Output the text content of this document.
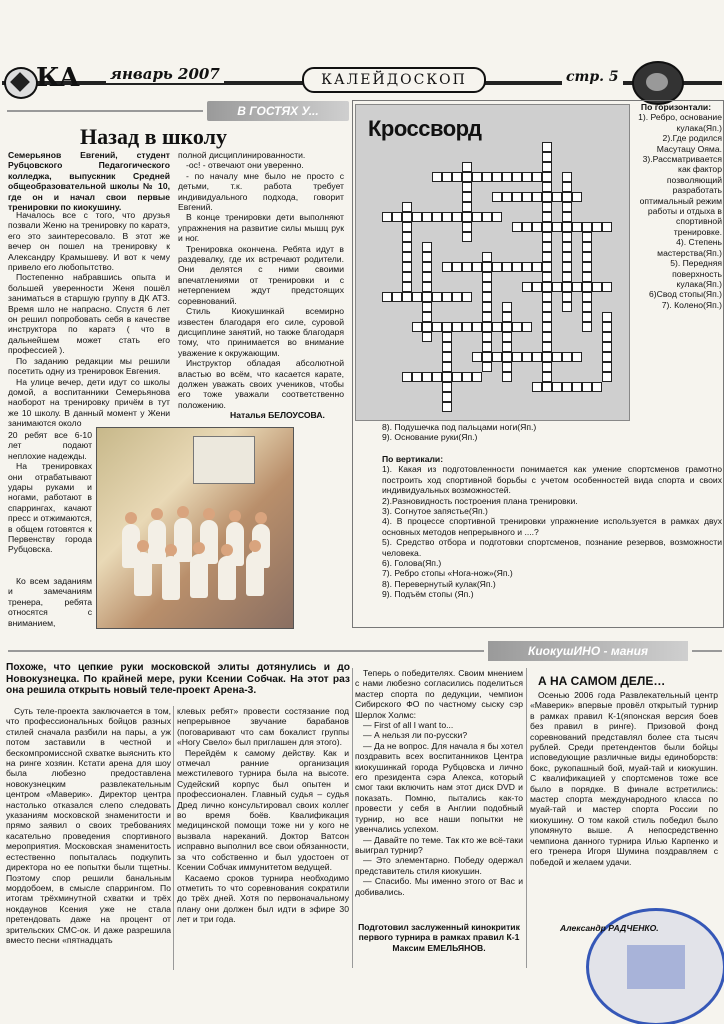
КА январь 2007	КАЛЕЙДОСКОП	стр. 5
В ГОСТЯХ У...
Назад в школу
Семерьянов Евгений, студент Рубцовского Педагогического колледжа, выпускник Средней общеобразовательной школы № 10, где он и начал свои первые тренировки по киокушину.

Началось все с того, что друзья позвали Женю на тренировку по каратэ, его это заинтересовало. В этот же вечер он пошел на тренировку к Александру Крамышеву. И вот к чему привело его любопытство.

Постепенно набравшись опыта и большей уверенности Женя пошёл заниматься в старшую группу в ДК АТЗ. Время шло не напрасно. Спустя 6 лет он решил попробовать себя в качестве инструктора по каратэ ( что в дальнейшем может стать его профессией ).

По заданию редакции мы решили посетить одну из тренировок Евгения.

На улице вечер, дети идут со школы домой, а воспитанники Семерьянова наоборот на тренировку причём в тут же 10 школу. В данный момент у Жени занимаются около

20 ребят все 6-10 лет подают неплохие надежды.

На тренировках они отрабатывают удары руками и ногами, работают в спаррингах, качают пресс и отжимаются, в общем готовятся к Первенству города Рубцовска.

Ко всем заданиям и замечаниям тренера, ребята относятся с вниманием,

полной дисциплинированности.

-ос! - отвечают они уверенно.

- по началу мне было не просто с детьми, т.к. работа требует индивидуального подхода, говорит Евгений.

В конце тренировки дети выполняют упражнения на развитие силы мышц рук и ног.

Тренировка окончена. Ребята идут в раздевалку, где их встречают родители. Они делятся с ними своими впечатлениями от тренировки и с нетерпением ждут предстоящих соревнований.

Стиль Киокушинкай всемирно известен благодаря его силе, суровой дисциплине занятий, но также благодаря тому, что принимается во внимание уважение к окружающим.

Инструктор обладая абсолютной властью во всём, что касается карате, должен уважать своих учеников, чтобы его тоже уважали соответственно положению.

Наталья БЕЛОУСОВА.
Кроссворд
По горизонтали:
1). Ребро, основание кулака(Яп.)
2).Где родился Масутацу Ояма.
3).Рассматривается как фактор позволяющий разработать оптимальный режим работы и отдыха в спортивной тренировке.
4). Степень мастерства(Яп.)
5). Передняя поверхность кулака(Яп.)
6)Свод стопы(Яп.)
7). Колено(Яп.)
8). Подушечка под пальцами ноги(Яп.)
9). Основание руки(Яп.)
По вертикали:
1). Какая из подготовленности понимается как умение спортсменов грамотно построить ход спортивной борьбы с учетом особенностей вида спорта и своих индивидуальных возможностей.
2).Разновидность построения плана тренировки.
3). Согнутое запястье(Яп.)
4). В процессе спортивной тренировки упражнение используется в рамках двух основных методов непрерывного и ....?
5). Средство отбора и подготовки спортсменов, познание резервов, возможности человека.
6). Голова(Яп.)
7). Ребро стопы «Нога-нож»(Яп.)
8). Перевернутый кулак(Яп.)
9). Подъём стопы (Яп.)
КиокушИНО - мания
Похоже, что цепкие руки московской элиты дотянулись и до Новокузнецка. По крайней мере, руки Ксении Собчак. На этот раз она решила открыть новый теле-проект Арена-3.

Суть теле-проекта заключается в том, что профессиональных бойцов разных стилей сначала разбили на пары, а уж потом заставили в честной и бескомпромиссной схватке выяснить кто на ринге хозяин. Кстати арена для шоу была любезно предоставлена новокузнецким развлекательным центром «Маверик». Директор центра настолько отказался слепо следовать указаниям московской знаменитости и прямо заявил о своих требованиях касательно проведения спортивного мероприятия. Московская знаменитость естественно попыталась подкупить директора но ее попытки были тщетны. Поэтому спор решили банальным мордобоем, в смысле спаррингом. По итогам трёхминутной схватки и трёх нокдаунов Ксения уже не стала претендовать даже на процент от зрительских СМС-ок. И даже разрешила вместо песни «пятнадцать

клевых ребят» провести состязание под непрерывное звучание барабанов (поговаривают что сам бокалист группы «Ногу Свело» был приглашен для этого).

Перейдём к самому действу. Как и отмечал ранние организация межстилевого турнира была на высоте. Судейский корпус был опытен и профессионален. Главный судья – судья Дред лично консультировал своих коллег во время боёв. Квалификация медицинской помощи тоже ни у кого не вызвала нареканий. Доктор Ватсон исправно выполнил все свои обязанности, за что собственно и был удостоен от Ксении Собчак иммунитетом ведущей.

Касаемо сроков турнира необходимо отметить то что соревнования сократили до трёх дней. Хотя по первоначальному плану они должен был идти в эфире 30 лет и три года.

Теперь о победителях. Своим мнением с нами любезно согласились поделиться мастер спорта по дедукции, чемпион Сибирского ФО по частному сыску сэр Шерлок Холмс:

— First of all I want to...

— А нельзя ли по-русски?

— Да не вопрос. Для начала я бы хотел поздравить всех воспитанников Центра киокушинкай города Рубцовска и лично его президента сэра Алекса, который смог таки включить нам этот диск DVD и показать. Помню, пытались как-то провести у себя в Англии подобный турнир, но все наши попытки не увенчались успехом.

— Давайте по теме. Так кто же всё-таки выиграл турнир?

— Это элементарно. Победу одержал представитель стиля киокушин.

— Спасибо. Мы именно этого от Вас и добивались.

Подготовил заслуженный кинокритик первого турнира в рамках правил К-1 Максим ЕМЕЛЬЯНОВ.
А НА САМОМ ДЕЛЕ…

Осенью 2006 года Развлекательный центр «Маверик» впервые провёл открытый турнир в рамках правил К-1(японская версия боев без правил в ринге). Призовой фонд соревнований представлял более ста тысяч рублей. Среди претендентов были бойцы исповедующие различные виды единоборств: бокс, рукопашный бой, муай-тай и киокушин. С квалификацией у спортсменов тоже все было в порядке. В финале встретились: мастер спорта международного класса по муай-тай и мастер спорта России по киокушину. О том какой стиль победил было упомянуто выше. А непосредственно чемпиона данного турнира Илью Карпенко и его тренера Игоря Шумина поздравляем с победой и желаем удачи.

Александр РАДЧЕНКО.
